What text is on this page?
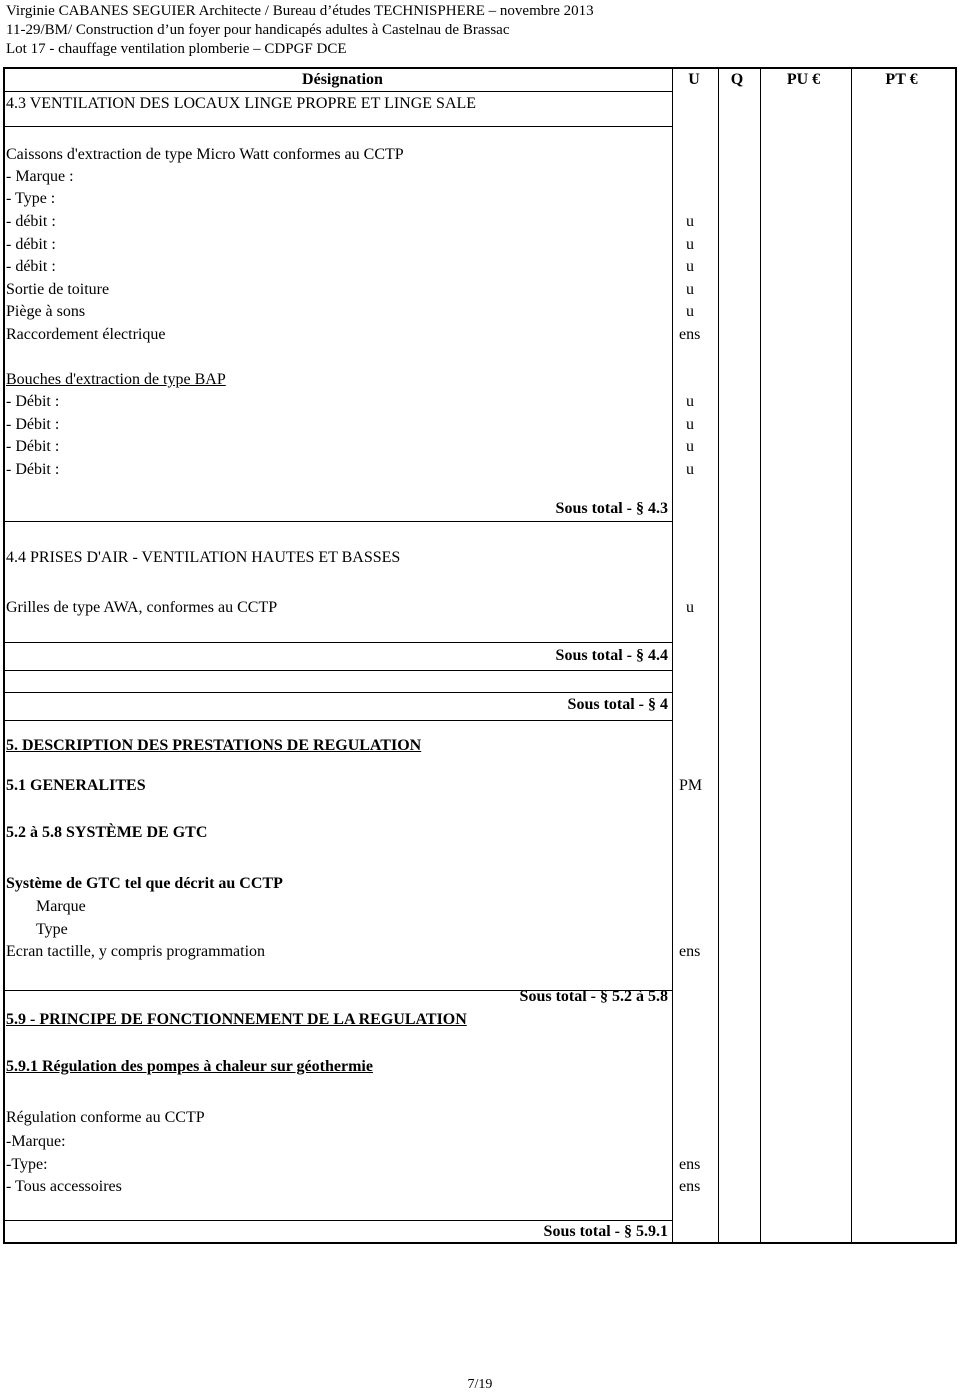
Virginie CABANES SEGUIER Architecte / Bureau d’études TECHNISPHERE – novembre 2013
11-29/BM/ Construction d’un foyer pour handicapés adultes à Castelnau de Brassac
Lot 17 - chauffage ventilation plomberie – CDPGF DCE
Désignation	U	Q	PU €	PT €
4.3 VENTILATION DES LOCAUX LINGE PROPRE ET LINGE SALE
Caissons d'extraction de type Micro Watt conformes au CCTP
- Marque :
- Type :
- débit :	u
- débit :	u
- débit :	u
Sortie de toiture	u
Piège à sons	u
Raccordement électrique	ens
Bouches d'extraction de type BAP
- Débit :	u
- Débit :	u
- Débit :	u
- Débit :	u
Sous total - § 4.3
4.4 PRISES D'AIR - VENTILATION HAUTES ET BASSES
Grilles de type AWA, conformes au CCTP	u
Sous total - § 4.4
Sous total - § 4
5. DESCRIPTION DES PRESTATIONS DE REGULATION
5.1 GENERALITES	PM
5.2 à 5.8 SYSTÈME DE GTC
Système de GTC tel que décrit au CCTP
Marque
Type
Ecran tactille, y compris programmation	ens
Sous total - § 5.2 à 5.8
5.9 - PRINCIPE DE FONCTIONNEMENT DE LA REGULATION
5.9.1 Régulation des pompes à chaleur sur géothermie
Régulation conforme au CCTP
-Marque:
-Type:	ens
- Tous accessoires	ens
Sous total - § 5.9.1
7/19
